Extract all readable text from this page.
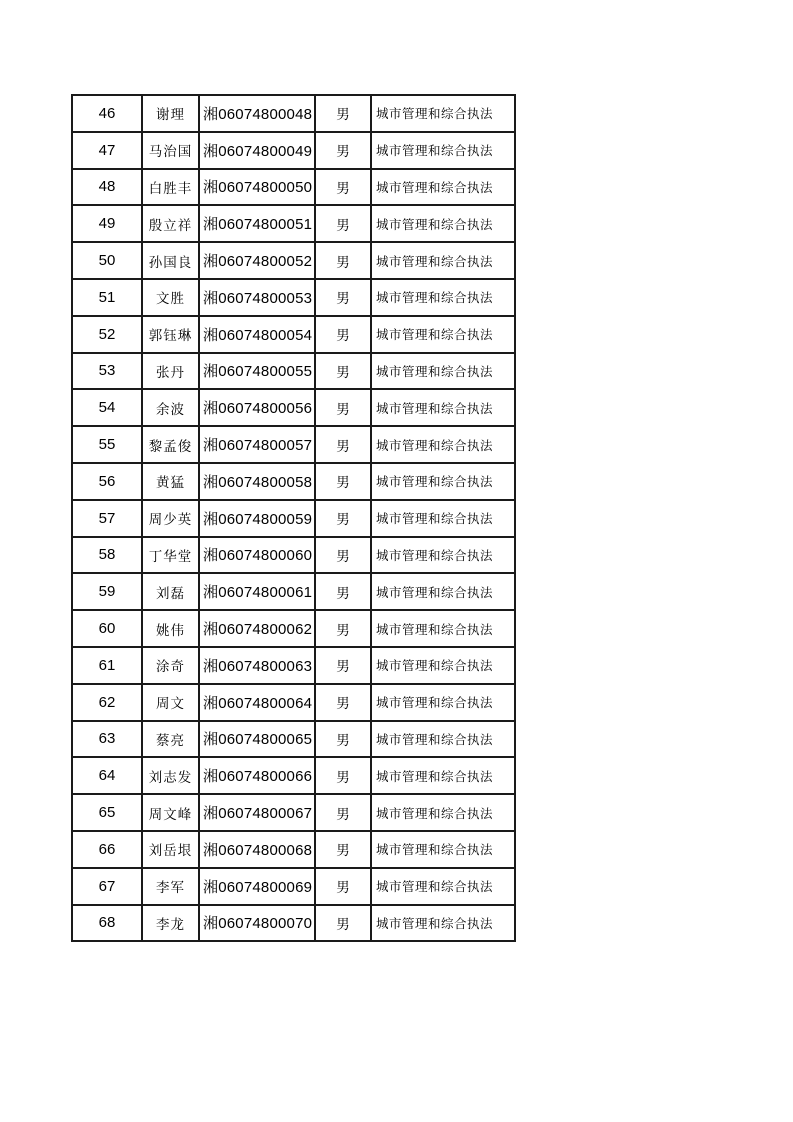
46	谢理	湘06074800048	男	城市管理和综合执法
47	马治国	湘06074800049	男	城市管理和综合执法
48	白胜丰	湘06074800050	男	城市管理和综合执法
49	殷立祥	湘06074800051	男	城市管理和综合执法
50	孙国良	湘06074800052	男	城市管理和综合执法
51	文胜	湘06074800053	男	城市管理和综合执法
52	郭钰琳	湘06074800054	男	城市管理和综合执法
53	张丹	湘06074800055	男	城市管理和综合执法
54	余波	湘06074800056	男	城市管理和综合执法
55	黎孟俊	湘06074800057	男	城市管理和综合执法
56	黄猛	湘06074800058	男	城市管理和综合执法
57	周少英	湘06074800059	男	城市管理和综合执法
58	丁华堂	湘06074800060	男	城市管理和综合执法
59	刘磊	湘06074800061	男	城市管理和综合执法
60	姚伟	湘06074800062	男	城市管理和综合执法
61	涂奇	湘06074800063	男	城市管理和综合执法
62	周文	湘06074800064	男	城市管理和综合执法
63	蔡亮	湘06074800065	男	城市管理和综合执法
64	刘志发	湘06074800066	男	城市管理和综合执法
65	周文峰	湘06074800067	男	城市管理和综合执法
66	刘岳垠	湘06074800068	男	城市管理和综合执法
67	李军	湘06074800069	男	城市管理和综合执法
68	李龙	湘06074800070	男	城市管理和综合执法
